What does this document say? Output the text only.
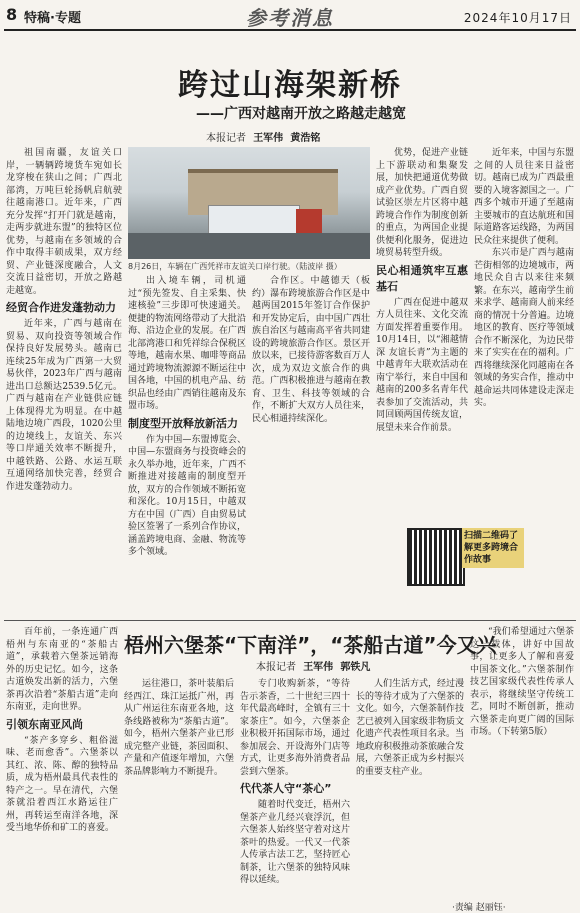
8 特稿·专题	参考消息	2024年10月17日
跨过山海架新桥
——广西对越南开放之路越走越宽
本报记者 王军伟 黄浩铭

祖国南疆，友谊关口岸，一辆辆跨境货车宛如长龙穿梭在狭山之间；广西北部湾，万吨巨轮扬帆启航驶往越南港口。近年来，广西充分发挥“打开门就是越南，走两步就进东盟”的独特区位优势，与越南在多领域的合作中取得丰硕成果，双方经贸、产业链深度融合，人文交流日益密切，开放之路越走越宽。

经贸合作进发蓬勃动力

近年来，广西与越南在贸易、双向投资等领域合作保持良好发展势头。越南已连续25年成为广西第一大贸易伙伴，2023年广西与越南进出口总额达2539.5亿元。广西与越南在产业链供应链上体现得尤为明显。在中越陆地边境广西段，1020公里的边境线上，友谊关、东兴等口岸通关效率不断提升，中越铁路、公路、水运互联互通网络加快完善，经贸合作进发蓬勃动力。

8月26日，车辆在广西凭祥市友谊关口岸行驶。（陆波岸 摄）

出入境车辆，司机通过“预先签发、自主采集、快速核验”三步即可快速通关。便捷的物流网络带动了大批沿海、沿边企业的发展。在广西北部湾港口和凭祥综合保税区等地，越南水果、咖啡等商品通过跨境物流源源不断运往中国各地，中国的机电产品、纺织品也经由广西销往越南及东盟市场。

制度型开放释放新活力

作为中国—东盟博览会、中国—东盟商务与投资峰会的永久举办地，近年来，广西不断推进对接越南的制度型开放，双方的合作领域不断拓宽和深化。10月15日，中越双方在中国（广西）自由贸易试验区签署了一系列合作协议，涵盖跨境电商、金融、物流等多个领域。

合作区。中越德天（板约）瀑布跨境旅游合作区是中越两国2015年签订合作保护和开发协定后，由中国广西壮族自治区与越南高平省共同建设的跨境旅游合作区。景区开放以来，已接待游客数百万人次，成为双边文旅合作的典范。广西积极推进与越南在教育、卫生、科技等领域的合作，不断扩大双方人员往来，民心相通持续深化。

优势，促进产业链上下游联动和集聚发展，加快把通道优势做成产业优势。广西自贸试验区崇左片区将中越跨境合作作为制度创新的重点，为两国企业提供便利化服务，促进边境贸易转型升级。

民心相通筑牢互惠基石

广西在促进中越双方人员往来、文化交流方面发挥着重要作用。10月14日，以“湘越情深 友谊长青”为主题的中越青年大联欢活动在南宁举行，来自中国和越南的200多名青年代表参加了交流活动，共同回顾两国传统友谊，展望未来合作前景。

近年来，中国与东盟之间的人员往来日益密切。越南已成为广西最重要的入境客源国之一。广西多个城市开通了至越南主要城市的直达航班和国际道路客运线路，为两国民众往来提供了便利。

东兴市是广西与越南芒街相邻的边境城市，两地民众自古以来往来频繁。在东兴，越南学生前来求学、越南商人前来经商的情况十分普遍。边境地区的教育、医疗等领域合作不断深化，为边民带来了实实在在的福利。广西将继续深化同越南在各领域的务实合作，推动中越命运共同体建设走深走实。

扫描二维码了解更多跨境合作故事

百年前，一条连通广西梧州与东南亚的“茶船古道”，承载着六堡茶远销海外的历史记忆。如今，这条古道焕发出新的活力，六堡茶再次沿着“茶船古道”走向东南亚，走向世界。

引领东南亚风尚

“茶产多穿乡、粗俗滋味、老而愈香”。六堡茶以其红、浓、陈、醇的独特品质，成为梧州最具代表性的特产之一。早在清代，六堡茶就沿着西江水路运往广州，再转运至南洋各地，深受当地华侨和矿工的喜爱。

梧州六堡茶“下南洋”，“茶船古道”今又兴
本报记者 王军伟 郭铁凡

运往港口，茶叶装船后经西江、珠江运抵广州，再从广州运往东南亚各地，这条线路被称为“茶船古道”。如今，梧州六堡茶产业已形成完整产业链，茶园面积、产量和产值逐年增加，六堡茶品牌影响力不断提升。

专门收购新茶，“等待告示茶香，二十世纪三四十年代最高峰时，全镇有三十家茶庄”。如今，六堡茶企业积极开拓国际市场，通过参加展会、开设海外门店等方式，让更多海外消费者品尝到六堡茶。

代代茶人守“茶心”

随着时代变迁，梧州六堡茶产业几经兴衰浮沉，但六堡茶人始终坚守着对这片茶叶的热爱。一代又一代茶人传承古法工艺，坚持匠心制茶，让六堡茶的独特风味得以延续。

人们生活方式，经过漫长的等待才成为了六堡茶的文化。如今，六堡茶制作技艺已被列入国家级非物质文化遗产代表性项目名录。当地政府积极推动茶旅融合发展，六堡茶正成为乡村振兴的重要支柱产业。

“我们希望通过六堡茶这一载体，讲好中国故事，让更多人了解和喜爱中国茶文化。”六堡茶制作技艺国家级代表性传承人表示，将继续坚守传统工艺，同时不断创新，推动六堡茶走向更广阔的国际市场。（下转第5版）

·责编 赵丽钰·
